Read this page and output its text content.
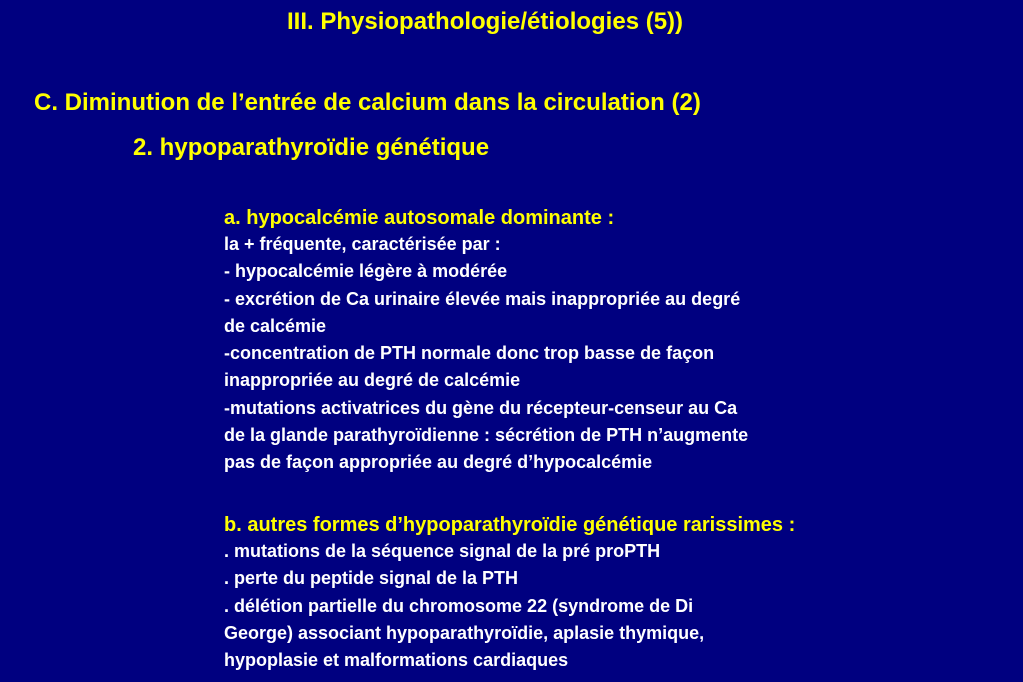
III. Physiopathologie/étiologies (5))
C. Diminution de l’entrée de calcium dans la circulation (2)
2. hypoparathyroïdie génétique
a. hypocalcémie autosomale dominante :
la + fréquente, caractérisée par :
- hypocalcémie légère à modérée
- excrétion de Ca urinaire élevée mais inappropriée au degré
de calcémie
-concentration de PTH normale donc trop basse de façon
inappropriée au degré de calcémie
-mutations activatrices du gène du récepteur-censeur au Ca
de la glande parathyroïdienne : sécrétion de PTH n’augmente
pas de façon appropriée au degré d’hypocalcémie
b. autres formes d’hypoparathyroïdie génétique rarissimes :
. mutations de la séquence signal de la pré proPTH
. perte du peptide signal de la PTH
. délétion partielle du chromosome 22 (syndrome de Di
George) associant hypoparathyroïdie, aplasie thymique,
hypoplasie et malformations cardiaques
